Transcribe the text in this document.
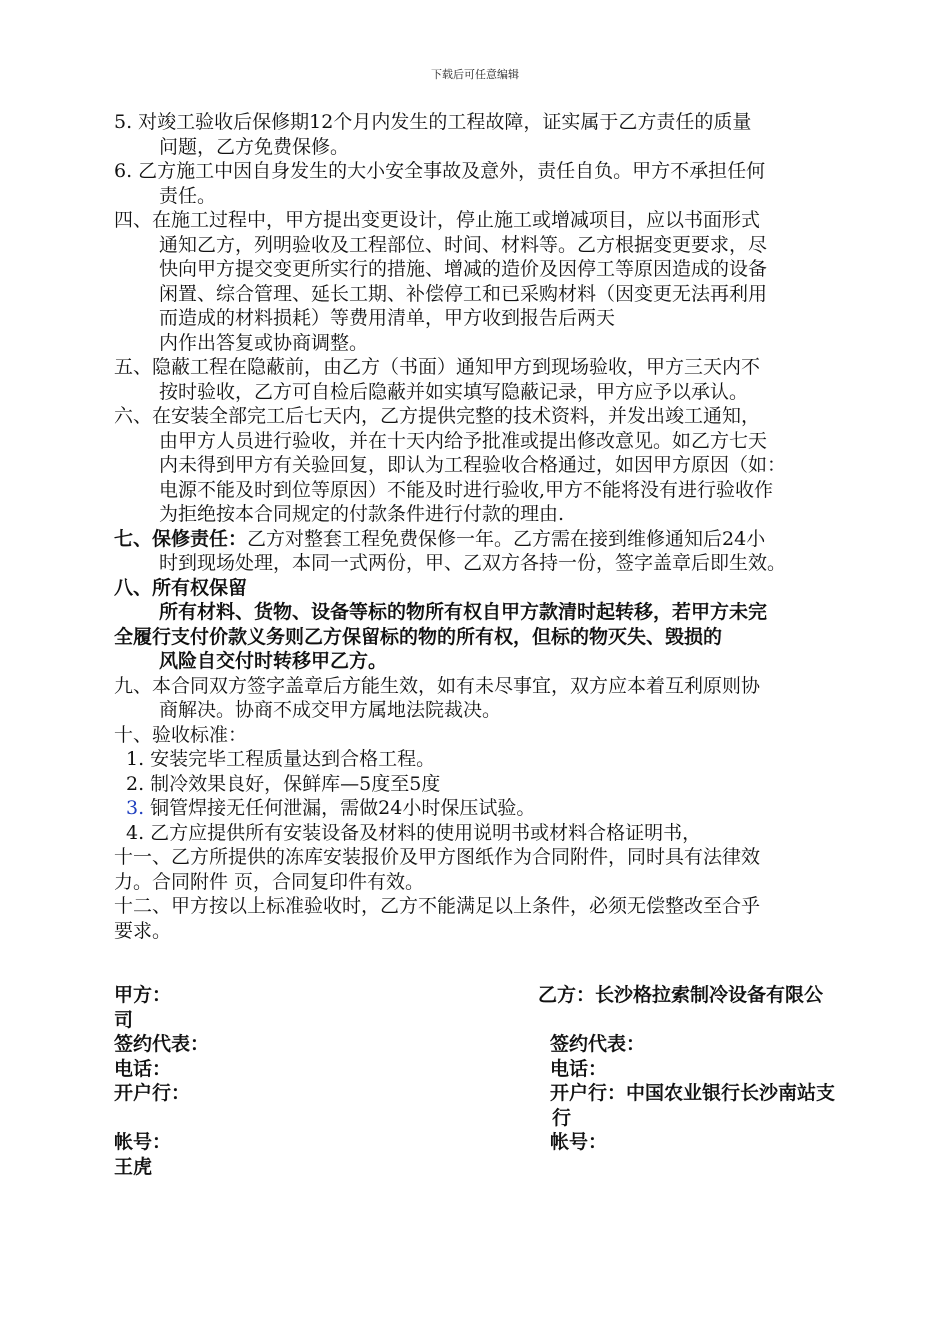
下载后可任意编辑
5. 对竣工验收后保修期12个月内发生的工程故障，证实属于乙方责任的质量
问题，乙方免费保修。
6. 乙方施工中因自身发生的大小安全事故及意外，责任自负。甲方不承担任何
责任。
四、在施工过程中，甲方提出变更设计，停止施工或增减项目，应以书面形式
通知乙方，列明验收及工程部位、时间、材料等。乙方根据变更要求，尽
快向甲方提交变更所实行的措施、增减的造价及因停工等原因造成的设备
闲置、综合管理、延长工期、补偿停工和已采购材料（因变更无法再利用
而造成的材料损耗）等费用清单，甲方收到报告后两天
内作出答复或协商调整。
五、隐蔽工程在隐蔽前，由乙方（书面）通知甲方到现场验收，甲方三天内不
按时验收，乙方可自检后隐蔽并如实填写隐蔽记录，甲方应予以承认。
六、在安装全部完工后七天内，乙方提供完整的技术资料，并发出竣工通知，
由甲方人员进行验收，并在十天内给予批准或提出修改意见。如乙方七天
内未得到甲方有关验回复，即认为工程验收合格通过，如因甲方原因（如：
电源不能及时到位等原因）不能及时进行验收,甲方不能将没有进行验收作
为拒绝按本合同规定的付款条件进行付款的理由.
七、保修责任：乙方对整套工程免费保修一年。乙方需在接到维修通知后24小
时到现场处理，本同一式两份，甲、乙双方各持一份，签字盖章后即生效。
八、所有权保留
所有材料、货物、设备等标的物所有权自甲方款清时起转移，若甲方未完
全履行支付价款义务则乙方保留标的物的所有权，但标的物灭失、毁损的
风险自交付时转移甲乙方。
九、本合同双方签字盖章后方能生效，如有未尽事宜，双方应本着互利原则协
商解决。协商不成交甲方属地法院裁决。
十、验收标准：
1. 安装完毕工程质量达到合格工程。
2. 制冷效果良好，保鲜库—5度至5度
3. 铜管焊接无任何泄漏，需做24小时保压试验。
4. 乙方应提供所有安装设备及材料的使用说明书或材料合格证明书，
十一、乙方所提供的冻库安装报价及甲方图纸作为合同附件，同时具有法律效
力。合同附件 页，合同复印件有效。
十二、甲方按以上标准验收时，乙方不能满足以上条件，必须无偿整改至合乎
要求。
甲方：	乙方：长沙格拉索制冷设备有限公
司
签约代表：	签约代表：
电话：	电话：
开户行：	开户行：中国农业银行长沙南站支
行
帐号：	帐号：
王虎
